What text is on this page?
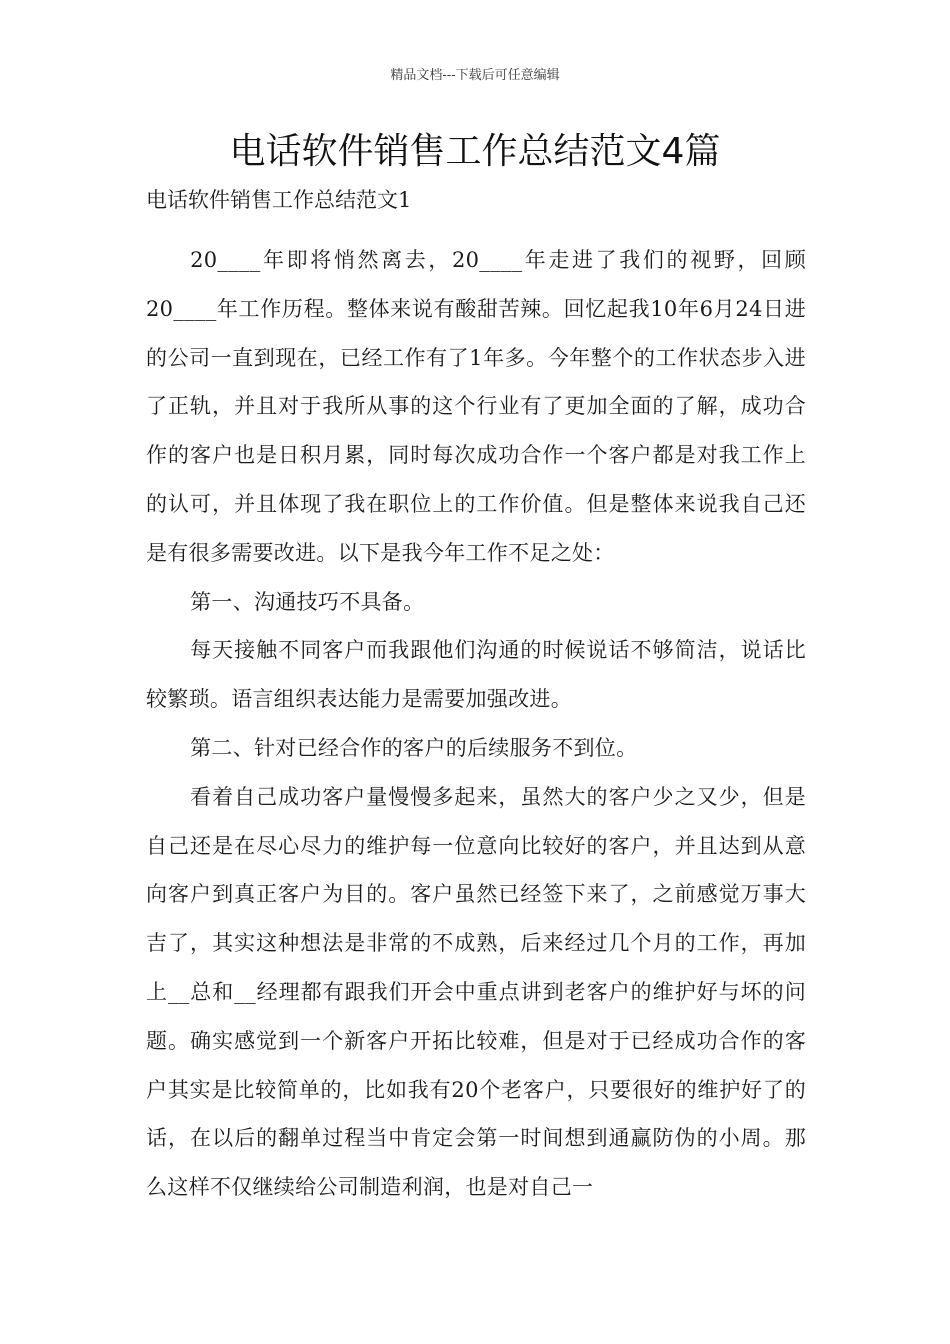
精品文档---下载后可任意编辑
电话软件销售工作总结范文4篇
电话软件销售工作总结范文1

20____年即将悄然离去，20____年走进了我们的视野，回顾20____年工作历程。整体来说有酸甜苦辣。回忆起我10年6月24日进的公司一直到现在，已经工作有了1年多。今年整个的工作状态步入进了正轨，并且对于我所从事的这个行业有了更加全面的了解，成功合作的客户也是日积月累，同时每次成功合作一个客户都是对我工作上的认可，并且体现了我在职位上的工作价值。但是整体来说我自己还是有很多需要改进。以下是我今年工作不足之处：

第一、沟通技巧不具备。

每天接触不同客户而我跟他们沟通的时候说话不够简洁，说话比较繁琐。语言组织表达能力是需要加强改进。

第二、针对已经合作的客户的后续服务不到位。

看着自己成功客户量慢慢多起来，虽然大的客户少之又少，但是自己还是在尽心尽力的维护每一位意向比较好的客户，并且达到从意向客户到真正客户为目的。客户虽然已经签下来了，之前感觉万事大吉了，其实这种想法是非常的不成熟，后来经过几个月的工作，再加上__总和__经理都有跟我们开会中重点讲到老客户的维护好与坏的问题。确实感觉到一个新客户开拓比较难，但是对于已经成功合作的客户其实是比较简单的，比如我有20个老客户，只要很好的维护好了的话，在以后的翻单过程当中肯定会第一时间想到通赢防伪的小周。那么这样不仅继续给公司制造利润，也是对自己一
